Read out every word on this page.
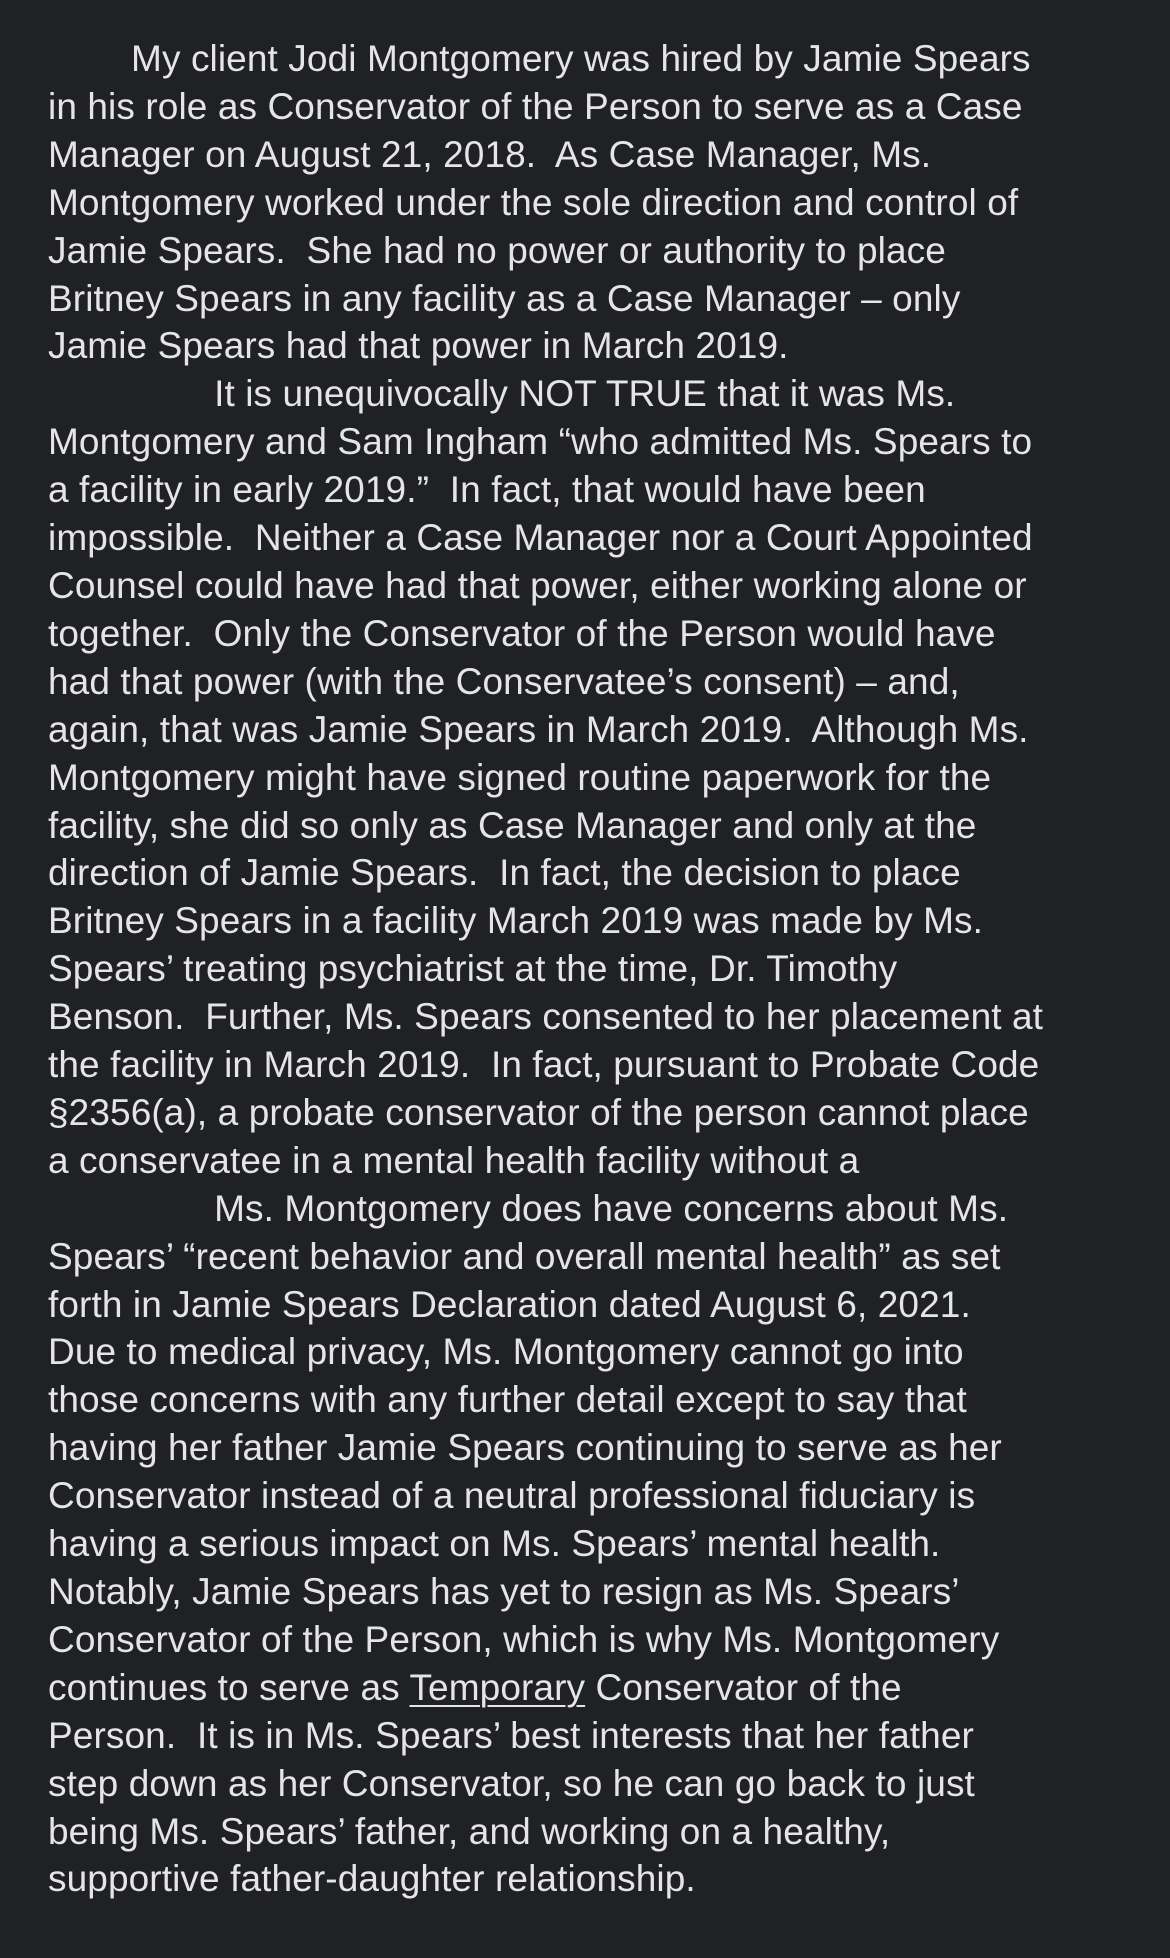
My client Jodi Montgomery was hired by Jamie Spears
in his role as Conservator of the Person to serve as a Case
Manager on August 21, 2018.  As Case Manager, Ms.
Montgomery worked under the sole direction and control of
Jamie Spears.  She had no power or authority to place
Britney Spears in any facility as a Case Manager – only
Jamie Spears had that power in March 2019.
It is unequivocally NOT TRUE that it was Ms.
Montgomery and Sam Ingham “who admitted Ms. Spears to
a facility in early 2019.”  In fact, that would have been
impossible.  Neither a Case Manager nor a Court Appointed
Counsel could have had that power, either working alone or
together.  Only the Conservator of the Person would have
had that power (with the Conservatee’s consent) – and,
again, that was Jamie Spears in March 2019.  Although Ms.
Montgomery might have signed routine paperwork for the
facility, she did so only as Case Manager and only at the
direction of Jamie Spears.  In fact, the decision to place
Britney Spears in a facility March 2019 was made by Ms.
Spears’ treating psychiatrist at the time, Dr. Timothy
Benson.  Further, Ms. Spears consented to her placement at
the facility in March 2019.  In fact, pursuant to Probate Code
§2356(a), a probate conservator of the person cannot place
a conservatee in a mental health facility without a
Ms. Montgomery does have concerns about Ms.
Spears’ “recent behavior and overall mental health” as set
forth in Jamie Spears Declaration dated August 6, 2021.
Due to medical privacy, Ms. Montgomery cannot go into
those concerns with any further detail except to say that
having her father Jamie Spears continuing to serve as her
Conservator instead of a neutral professional fiduciary is
having a serious impact on Ms. Spears’ mental health.
Notably, Jamie Spears has yet to resign as Ms. Spears’
Conservator of the Person, which is why Ms. Montgomery
continues to serve as Temporary Conservator of the
Person.  It is in Ms. Spears’ best interests that her father
step down as her Conservator, so he can go back to just
being Ms. Spears’ father, and working on a healthy,
supportive father-daughter relationship.
